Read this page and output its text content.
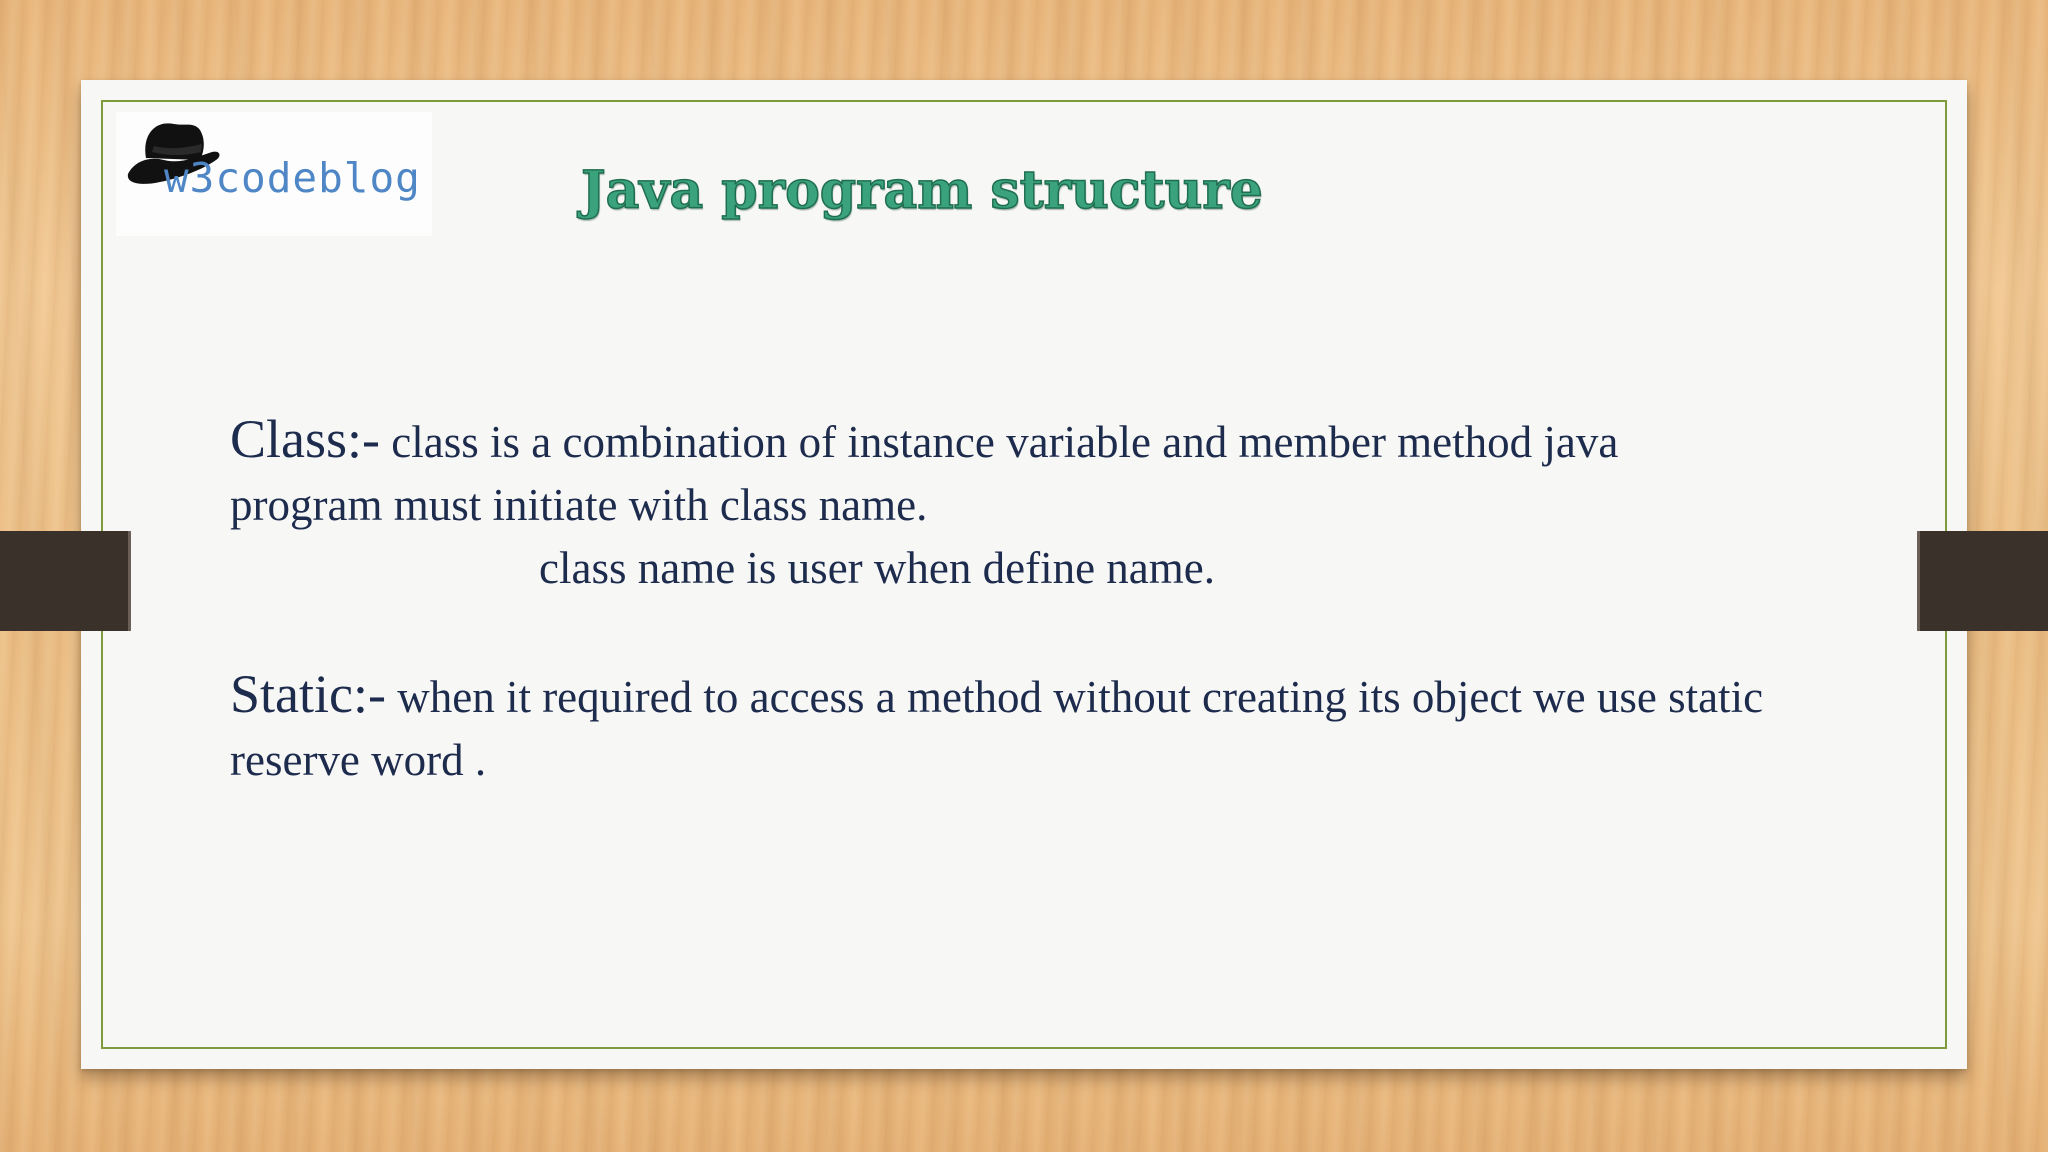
w3codeblog	Java program structure
Class:- class is a combination of instance variable and member method java
program must initiate with class name.
class name is user when define name.
Static:- when it required to access a method without creating its object we use static
reserve word .
